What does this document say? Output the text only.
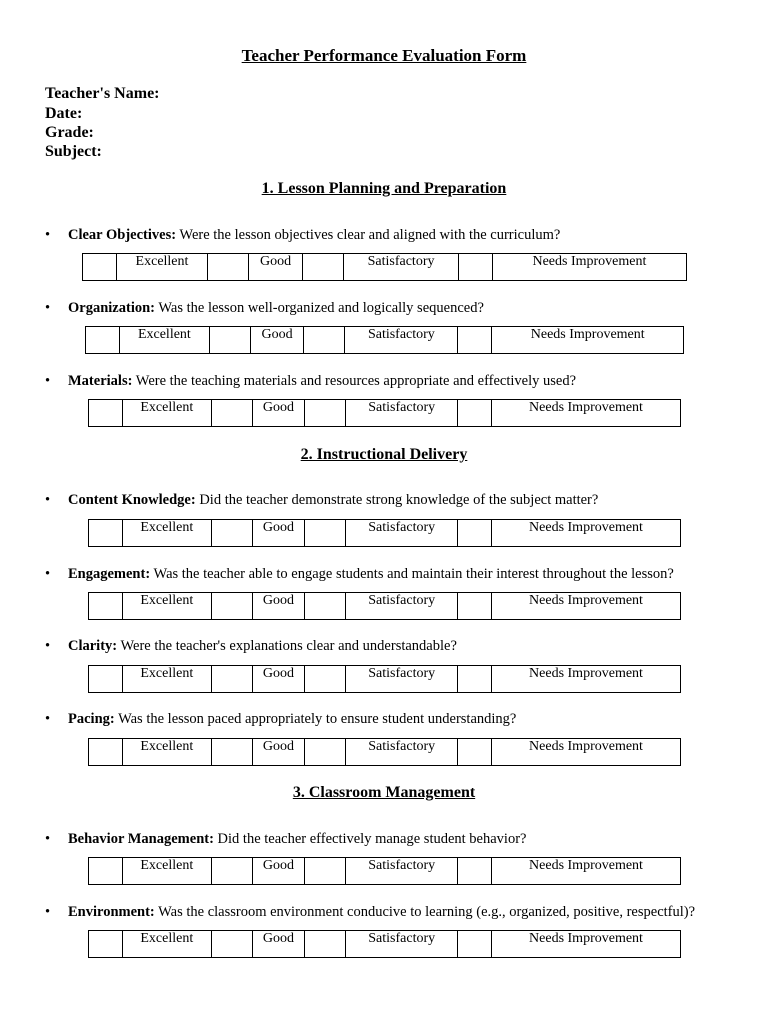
Teacher Performance Evaluation Form
Teacher's Name:
Date:
Grade:
Subject:
1. Lesson Planning and Preparation
• Clear Objectives: Were the lesson objectives clear and aligned with the curriculum?
	Excellent		Good		Satisfactory		Needs Improvement
• Organization: Was the lesson well-organized and logically sequenced?
	Excellent		Good		Satisfactory		Needs Improvement
• Materials: Were the teaching materials and resources appropriate and effectively used?
	Excellent		Good		Satisfactory		Needs Improvement
2. Instructional Delivery
• Content Knowledge: Did the teacher demonstrate strong knowledge of the subject matter?
	Excellent		Good		Satisfactory		Needs Improvement
• Engagement: Was the teacher able to engage students and maintain their interest throughout the lesson?
	Excellent		Good		Satisfactory		Needs Improvement
• Clarity: Were the teacher's explanations clear and understandable?
	Excellent		Good		Satisfactory		Needs Improvement
• Pacing: Was the lesson paced appropriately to ensure student understanding?
	Excellent		Good		Satisfactory		Needs Improvement
3. Classroom Management
• Behavior Management: Did the teacher effectively manage student behavior?
	Excellent		Good		Satisfactory		Needs Improvement
• Environment: Was the classroom environment conducive to learning (e.g., organized, positive, respectful)?
	Excellent		Good		Satisfactory		Needs Improvement
